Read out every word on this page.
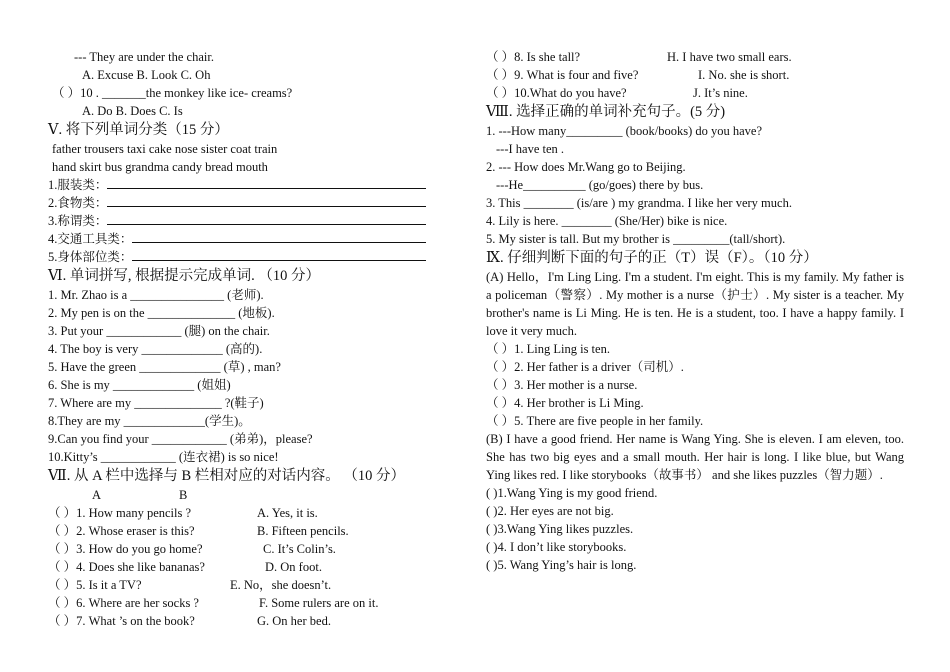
--- They are under the chair.
A. Excuse B. Look C. Oh
（ ）10 . _______the monkey like ice- creams?
A. Do B. Does C. Is
Ⅴ. 将下列单词分类（15 分）
father trousers taxi cake nose sister coat train
hand skirt bus grandma candy bread mouth
1.服装类：
2.食物类：
3.称谓类：
4.交通工具类：
5.身体部位类：
Ⅵ. 单词拼写, 根据提示完成单词. （10 分）
1. Mr. Zhao is a _______________ (老师).
2. My pen is on the ______________ (地板).
3. Put your ____________ (腿) on the chair.
4. The boy is very _____________ (高的).
5. Have the green _____________ (草) , man?
6. She is my _____________ (姐姐)
7. Where are my ______________ ?(鞋子)
8.They are my _____________(学生)。
9.Can you find your ____________ (弟弟)，please?
10.Kitty’s ____________ (连衣裙) is so nice!
Ⅶ. 从 A 栏中选择与 B 栏相对应的对话内容。 （10 分）
A	B
（ ）1. How many pencils ?	A. Yes, it is.
（ ）2. Whose eraser is this?	B. Fifteen pencils.
（ ）3. How do you go home?	C. It’s Colin’s.
（ ）4. Does she like bananas?	D. On foot.
（ ）5. Is it a TV?	E. No，she doesn’t.
（ ）6. Where are her socks ?	F. Some rulers are on it.
（ ）7. What ’s on the book?	G. On her bed.
（ ）8. Is she tall?	H. I have two small ears.
（ ）9. What is four and five?	I. No. she is short.
（ ）10.What do you have?	J. It’s nine.
Ⅷ. 选择正确的单词补充句子。(5 分)
1. ---How many_________ (book/books) do you have?
---I have ten .
2. --- How does Mr.Wang go to Beijing.
---He__________ (go/goes) there by bus.
3. This ________ (is/are ) my grandma. I like her very much.
4. Lily is here. ________ (She/Her) bike is nice.
5. My sister is tall. But my brother is _________(tall/short).
Ⅸ. 仔细判断下面的句子的正（T）误（F）。（10 分）
(A) Hello，I'm Ling Ling. I'm a student. I'm eight. This is my family. My father is a policeman（警察）. My mother is a nurse（护士）. My sister is a teacher. My brother's name is Li Ming. He is ten. He is a student, too. I have a happy family. I love it very much.
（ ）1. Ling Ling is ten.
（ ）2. Her father is a driver（司机）.
（ ）3. Her mother is a nurse.
（ ）4. Her brother is Li Ming.
（ ）5. There are five people in her family.
(B) I have a good friend. Her name is Wang Ying. She is eleven. I am eleven, too. She has two big eyes and a small mouth. Her hair is long. I like blue, but Wang Ying likes red. I like storybooks（故事书） and she likes puzzles（智力题）.
( )1.Wang Ying is my good friend.
( )2. Her eyes are not big.
( )3.Wang Ying likes puzzles.
( )4. I don’t like storybooks.
( )5. Wang Ying’s hair is long.
